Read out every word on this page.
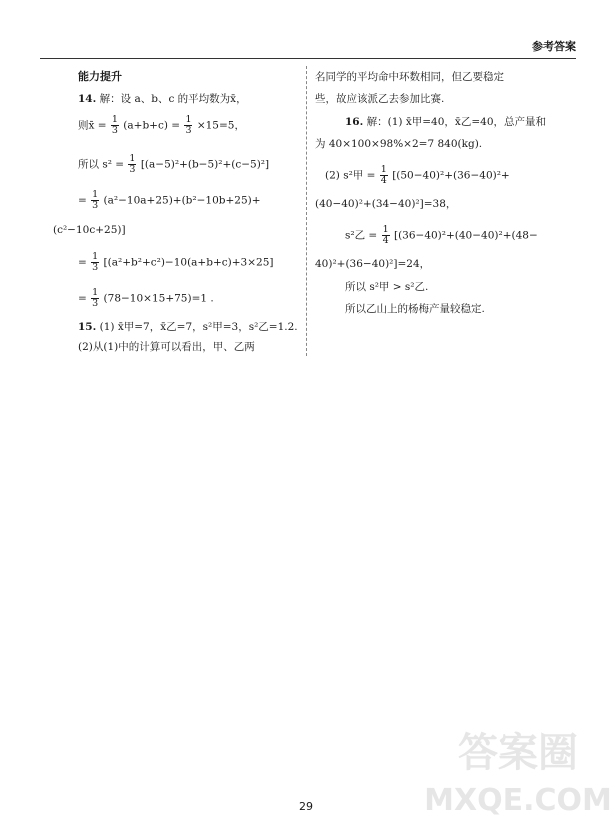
参考答案
能力提升
14. 解：设 a、b、c 的平均数为x̄，
则x̄ = $\frac{1}{3} (a+b+c) = \frac{1}{3} \times 15=5$，
所以 $s^2 = \frac{1}{3} [(a-5)^2+(b-5)^2+(c-5)^2]$
= $\frac{1}{3} (a^2-10a+25)+(b^2-10b+25)+$
(c²−10c+25)]
= $\frac{1}{3} [(a^2+b^2+c^2)-10(a+b+c)+3\times 25]$
= $\frac{1}{3} (78-10\times 15+75)=1$ .
15. (1) x̄甲=7，x̄乙=7，s²甲=3，s²乙=1.2.
(2)从(1)中的计算可以看出，甲、乙两
名同学的平均命中环数相同，但乙要稳定
些，故应该派乙去参加比赛.
16. 解：(1) x̄甲=40，x̄乙=40，总产量和
为 40×100×98%×2=7 840(kg).
(2) s²甲 = $\frac{1}{4} [(50-40)^2+(36-40)^2+$
(40−40)²+(34−40)²]=38，
s²乙 = $\frac{1}{4} [(36-40)^2+(40-40)^2+(48-$
40)²+(36−40)²]=24，
所以 s²甲 > s²乙.
所以乙山上的杨梅产量较稳定.
29
答案圈
MXQE.COM
